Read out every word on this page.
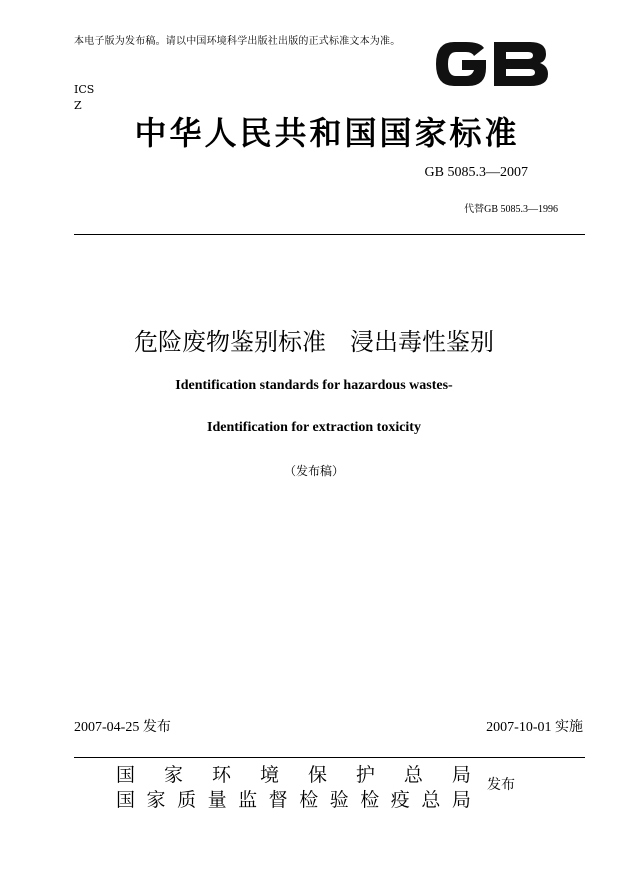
本电子版为发布稿。请以中国环境科学出版社出版的正式标准文本为准。
ICS
Z
中华人民共和国国家标准
GB 5085.3—2007
代替GB 5085.3—1996
危险废物鉴别标准　浸出毒性鉴别
Identification standards for hazardous wastes-
Identification for extraction toxicity
（发布稿）
2007-04-25 发布	2007-10-01 实施
国 家 环 境 保 护 总 局
国 家 质 量 监 督 检 验 检 疫 总 局
发布
